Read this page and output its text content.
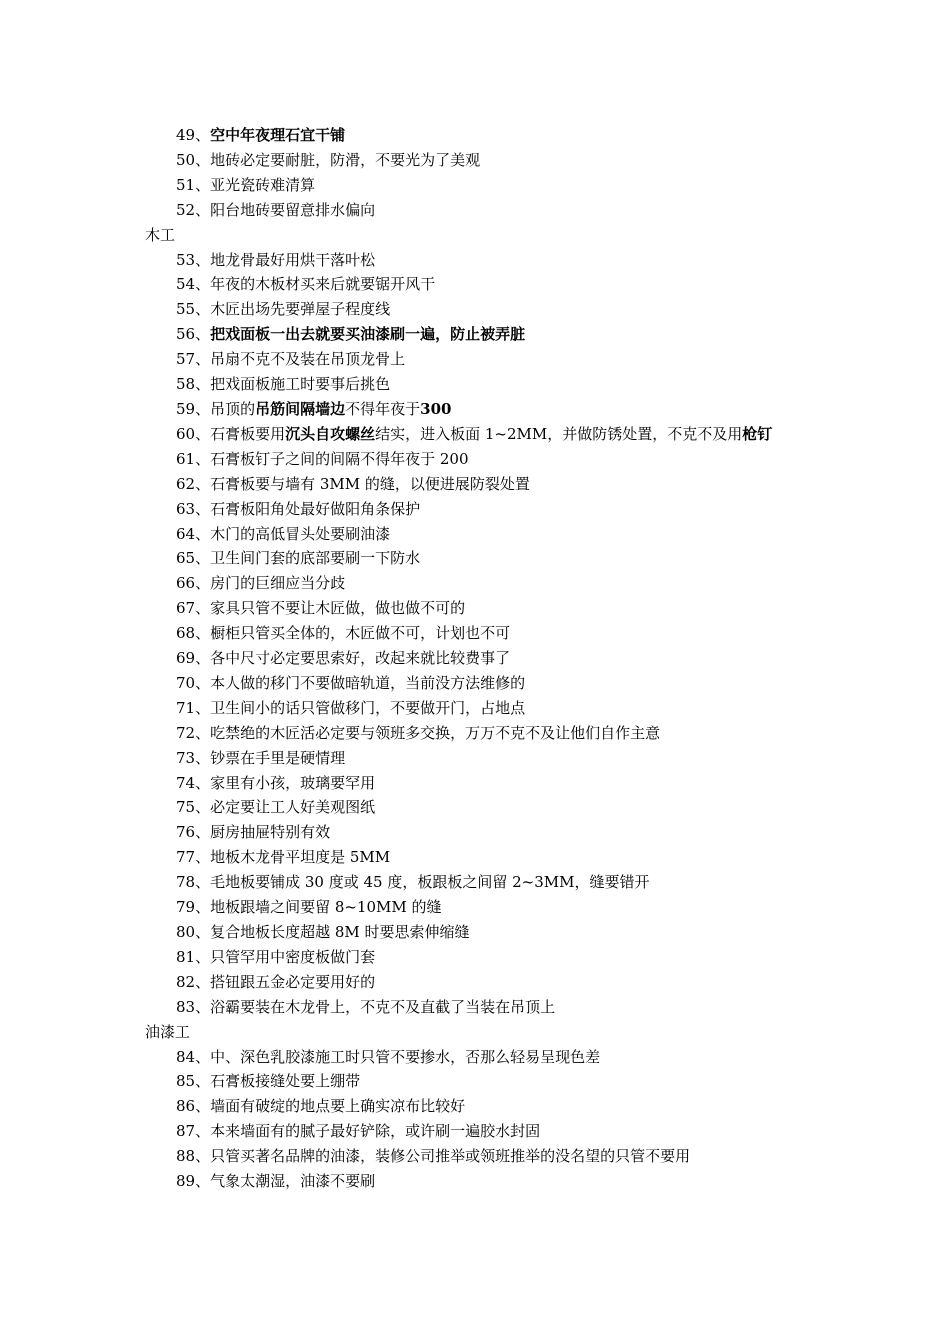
49、空中年夜理石宜干铺
50、地砖必定要耐脏，防滑，不要光为了美观
51、亚光瓷砖难清算
52、阳台地砖要留意排水偏向
木工
53、地龙骨最好用烘干落叶松
54、年夜的木板材买来后就要锯开风干
55、木匠出场先要弹屋子程度线
56、把戏面板一出去就要买油漆刷一遍，防止被弄脏
57、吊扇不克不及装在吊顶龙骨上
58、把戏面板施工时要事后挑色
59、吊顶的吊筋间隔墙边不得年夜于300
60、石膏板要用沉头自攻螺丝结实，进入板面 1~2MM，并做防锈处置，不克不及用枪钉
61、石膏板钉子之间的间隔不得年夜于 200
62、石膏板要与墙有 3MM 的缝，以便进展防裂处置
63、石膏板阳角处最好做阳角条保护
64、木门的高低冒头处要刷油漆
65、卫生间门套的底部要刷一下防水
66、房门的巨细应当分歧
67、家具只管不要让木匠做，做也做不可的
68、橱柜只管买全体的，木匠做不可，计划也不可
69、各中尺寸必定要思索好，改起来就比较费事了
70、本人做的移门不要做暗轨道，当前没方法维修的
71、卫生间小的话只管做移门，不要做开门，占地点
72、吃禁绝的木匠活必定要与领班多交换，万万不克不及让他们自作主意
73、钞票在手里是硬情理
74、家里有小孩，玻璃要罕用
75、必定要让工人好美观图纸
76、厨房抽屉特别有效
77、地板木龙骨平坦度是 5MM
78、毛地板要铺成 30 度或 45 度，板跟板之间留 2~3MM，缝要错开
79、地板跟墙之间要留 8~10MM 的缝
80、复合地板长度超越 8M 时要思索伸缩缝
81、只管罕用中密度板做门套
82、搭钮跟五金必定要用好的
83、浴霸要装在木龙骨上，不克不及直截了当装在吊顶上
油漆工
84、中、深色乳胶漆施工时只管不要掺水，否那么轻易呈现色差
85、石膏板接缝处要上绷带
86、墙面有破绽的地点要上确实凉布比较好
87、本来墙面有的腻子最好铲除，或许刷一遍胶水封固
88、只管买著名品牌的油漆，装修公司推举或领班推举的没名望的只管不要用
89、气象太潮湿，油漆不要刷
